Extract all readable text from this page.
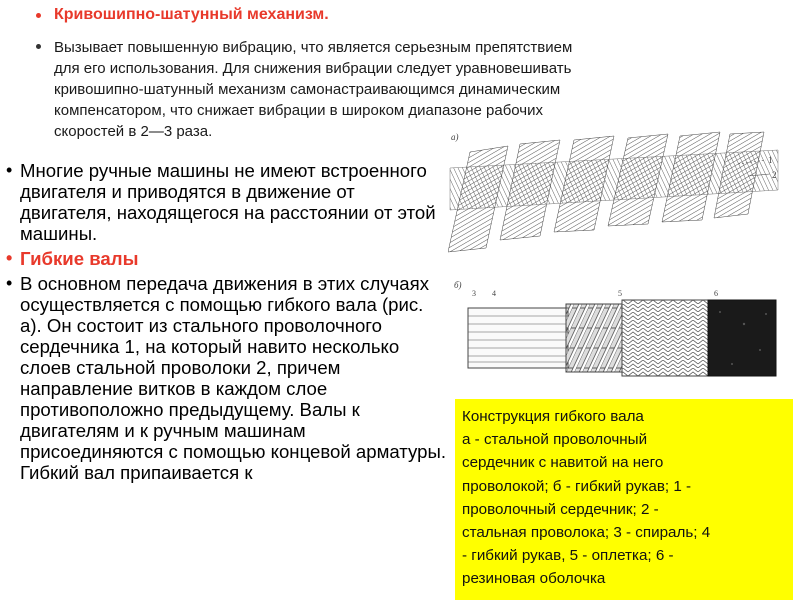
Кривошипно-шатунный механизм.
Вызывает повышенную вибрацию, что является серьезным препятствием
для его использования. Для снижения вибрации следует уравновешивать
кривошипно-шатунный механизм самонастраивающимся динамическим
компенсатором, что снижает вибрации в широком диапазоне рабочих
скоростей в 2—3 раза.
• Многие ручные машины не имеют встроенного двигателя и приводятся в движение от двигателя, находящегося на расстоянии от этой машины.
• Гибкие валы
• В основном передача движения в этих случаях осуществляется с помощью гибкого вала (рис. а). Он состоит из стального проволочного сердечника 1, на который навито несколько слоев стальной проволоки 2, причем направление витков в каждом слое противоположно предыдущему. Валы к двигателям и к ручным машинам присоединяются с помощью концевой арматуры. Гибкий вал припаивается к
а)
1
2
б)
3 4	5	6
Конструкция гибкого вала
а - стальной проволочный
сердечник с навитой на него
проволокой; б - гибкий рукав; 1 -
проволочный сердечник; 2 -
стальная проволока; 3 - спираль; 4
- гибкий рукав, 5 - оплетка; 6 -
резиновая оболочка
